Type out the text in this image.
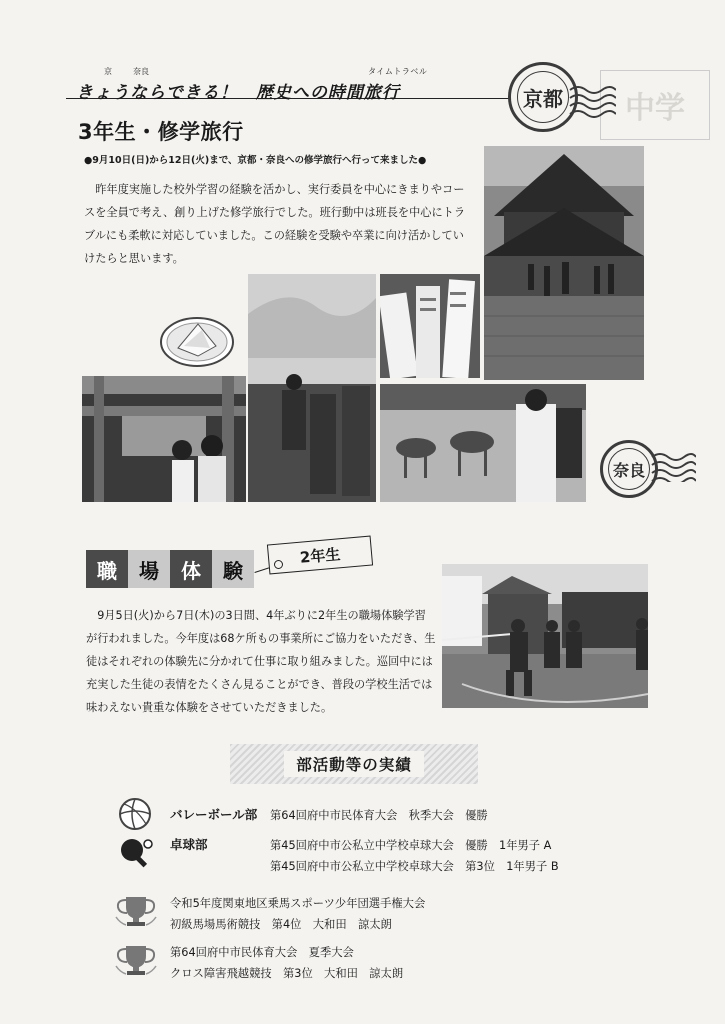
中学
京	奈良	タイムトラベル
きょうならできる！　歴史への時間旅行	京都
3年生・修学旅行
●9月10日(日)から12日(火)まで、京都・奈良への修学旅行へ行って来ました●

昨年度実施した校外学習の経験を活かし、実行委員を中心にきまりやコースを全員で考え、創り上げた修学旅行でした。班行動中は班長を中心にトラブルにも柔軟に対応していました。この経験を受験や卒業に向け活かしていけたらと思います。

奈良
職	場	体	験
2年生

9月5日(火)から7日(木)の3日間、4年ぶりに2年生の職場体験学習が行われました。今年度は68ケ所もの事業所にご協力をいただき、生徒はそれぞれの体験先に分かれて仕事に取り組みました。巡回中には充実した生徒の表情をたくさん見ることができ、普段の学校生活では味わえない貴重な体験をさせていただきました。

部活動等の実績
バレーボール部 第64回府中市民体育大会　秋季大会　優勝
卓球部	第45回府中市公私立中学校卓球大会　優勝　1年男子 A
第45回府中市公私立中学校卓球大会　第3位　1年男子 B
令和5年度関東地区乗馬スポーツ少年団選手権大会
初級馬場馬術競技　第4位　大和田　諒太朗
第64回府中市民体育大会　夏季大会
クロス障害飛越競技　第3位　大和田　諒太朗
